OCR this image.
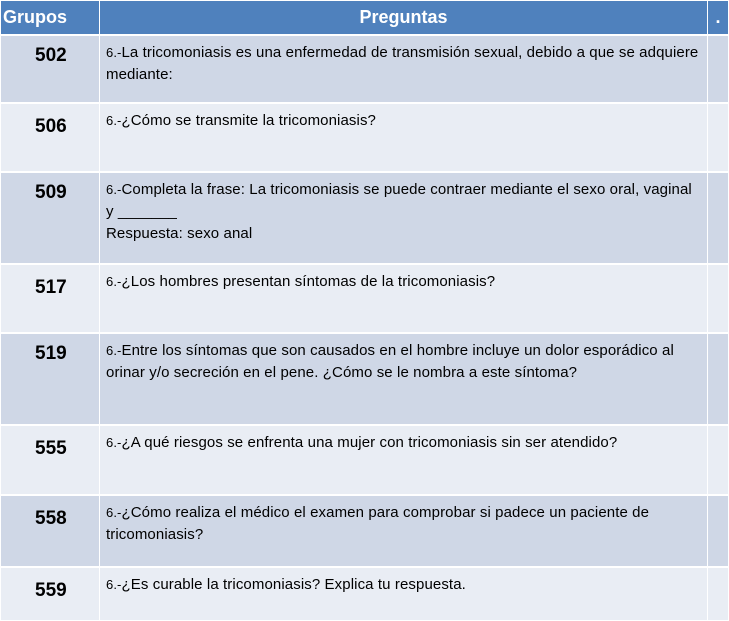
Grupos	Preguntas	.
502	6.-La tricomoniasis es una enfermedad de transmisión sexual, debido a que se adquiere mediante:	
506	6.-¿Cómo se transmite la tricomoniasis?	
509	6.-Completa la frase: La tricomoniasis se puede contraer mediante el sexo oral, vaginal y _______
Respuesta: sexo anal	
517	6.-¿Los hombres presentan síntomas de la tricomoniasis?	
519	6.-Entre los síntomas que son causados en el hombre incluye un dolor esporádico al orinar y/o secreción en el pene. ¿Cómo se le nombra a este síntoma?	
555	6.-¿A qué riesgos se enfrenta una mujer con tricomoniasis sin ser atendido?	
558	6.-¿Cómo realiza el médico el examen para comprobar si padece un paciente de tricomoniasis?	
559	6.-¿Es curable la tricomoniasis? Explica tu respuesta.	
